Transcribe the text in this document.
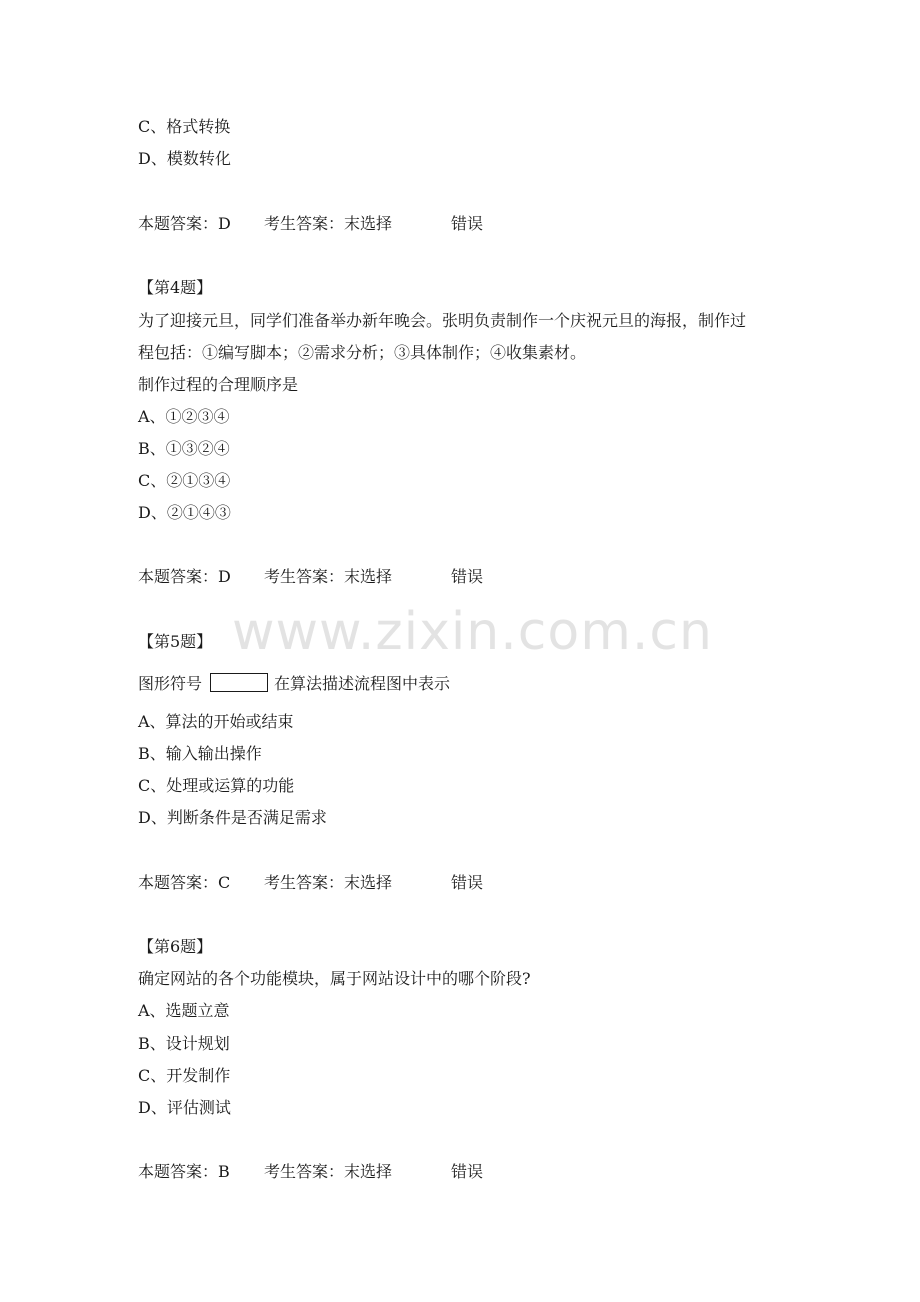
www.zixin.com.cn
C、格式转换
D、模数转化
本题答案：D 考生答案：末选择	错误
【第4题】
为了迎接元旦，同学们准备举办新年晚会。张明负责制作一个庆祝元旦的海报，制作过
程包括：①编写脚本；②需求分析；③具体制作；④收集素材。
制作过程的合理顺序是
A、①②③④
B、①③②④
C、②①③④
D、②①④③
本题答案：D 考生答案：末选择	错误
【第5题】
图形符号	在算法描述流程图中表示
A、算法的开始或结束
B、输入输出操作
C、处理或运算的功能
D、判断条件是否满足需求
本题答案：C 考生答案：末选择	错误
【第6题】
确定网站的各个功能模块，属于网站设计中的哪个阶段?
A、选题立意
B、设计规划
C、开发制作
D、评估测试
本题答案：B 考生答案：末选择	错误
